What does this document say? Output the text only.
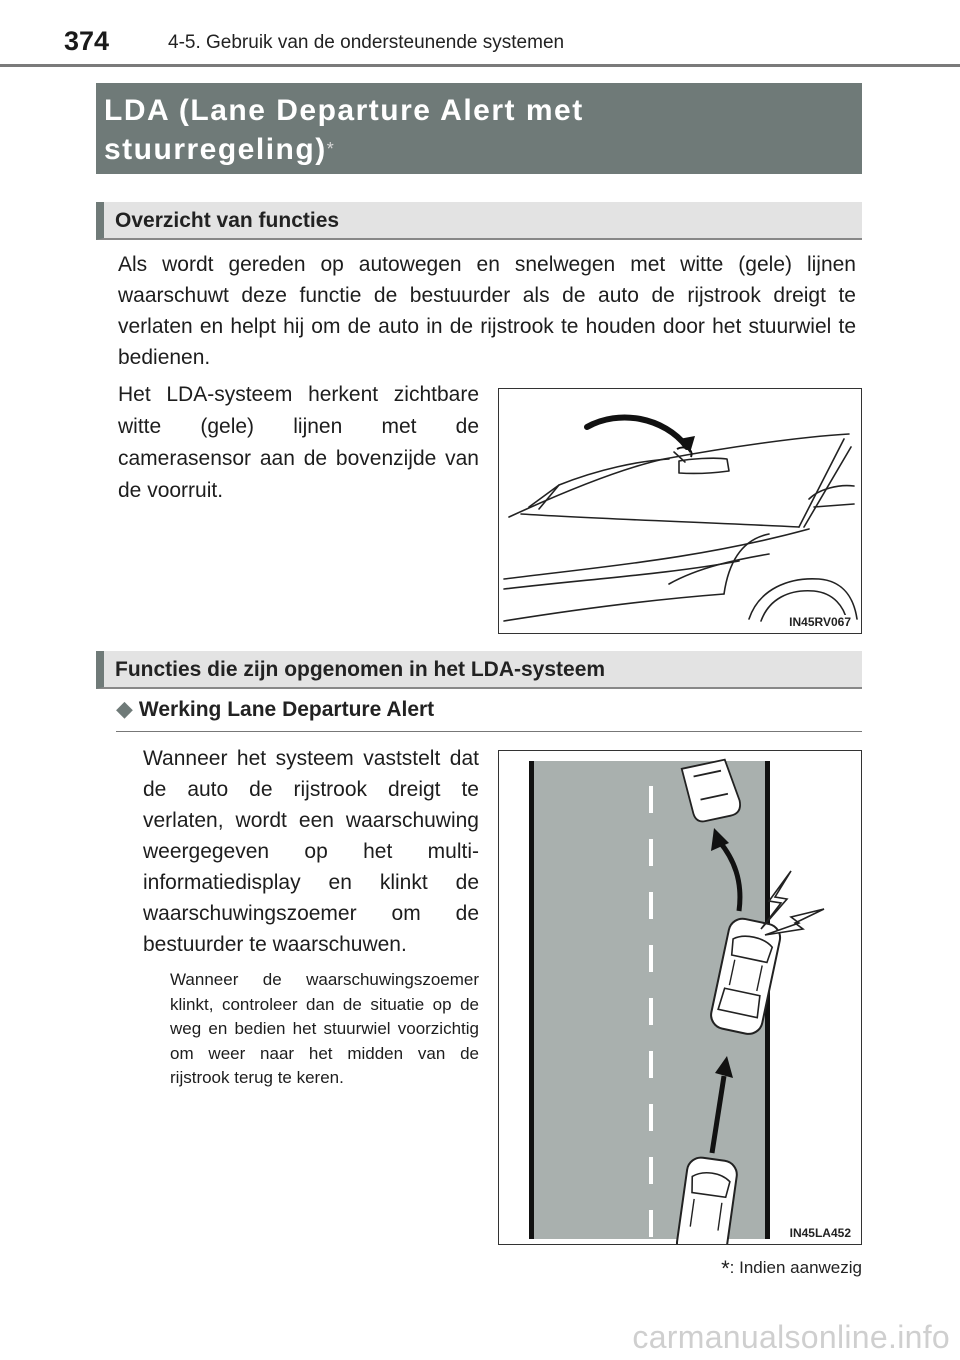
374	4-5. Gebruik van de ondersteunende systemen
LDA (Lane Departure Alert met
stuurregeling)*
Overzicht van functies
Als wordt gereden op autowegen en snelwegen met witte (gele) lijnen waarschuwt deze functie de bestuurder als de auto de rijstrook dreigt te verlaten en helpt hij om de auto in de rijstrook te houden door het stuurwiel te bedienen.
Het LDA-systeem herkent zichtbare witte (gele) lijnen met de camerasensor aan de bovenzijde van de voorruit.
IN45RV067
Functies die zijn opgenomen in het LDA-systeem
◆ Werking Lane Departure Alert
Wanneer het systeem vaststelt dat de auto de rijstrook dreigt te verlaten, wordt een waarschuwing weergegeven op het multi-informatiedisplay en klinkt de waarschuwingszoemer om de bestuurder te waarschuwen.
Wanneer de waarschuwingszoemer klinkt, controleer dan de situatie op de weg en bedien het stuurwiel voorzichtig om weer naar het midden van de rijstrook terug te keren.
IN45LA452
*: Indien aanwezig
carmanualsonline.info
